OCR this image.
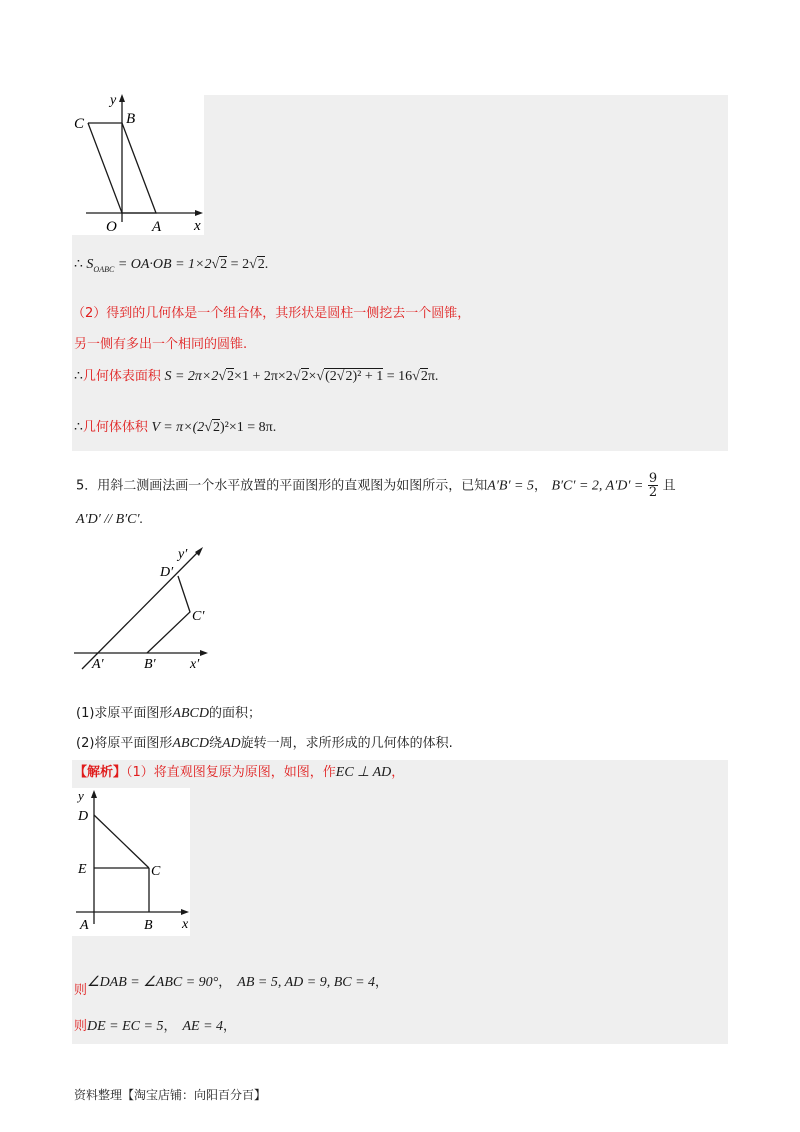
y
x
C	B
O A
∴ $S_{OABC} = OA\cdot OB = 1\times 2√2 = 2√2$.
（2）得到的几何体是一个组合体，其形状是圆柱一侧挖去一个圆锥，
另一侧有多出一个相同的圆锥.
∴几何体表面积 S = 2π×2√2×1 + 2π×2√2×√(2√2)² + 1 = 16√2π.
∴几何体体积 V = π×(2√2)²×1 = 8π.
5．用斜二测画法画一个水平放置的平面图形的直观图为如图所示，已知A′B′ = 5， B′C′ = 2, $A'D' = \frac{9}{2}$ 且
A′D′ // B′C′.
y′
x′
D′
C′
A′	B′
(1)求原平面图形ABCD的面积；
(2)将原平面图形ABCD绕AD旋转一周，求所形成的几何体的体积.
【解析】（1）将直观图复原为原图，如图，作EC ⊥ AD，
y
x
D
E	C
A	B
则∠DAB = ∠ABC = 90°， AB = 5, AD = 9, BC = 4，
则DE = EC = 5， AE = 4，
资料整理【淘宝店铺：向阳百分百】
